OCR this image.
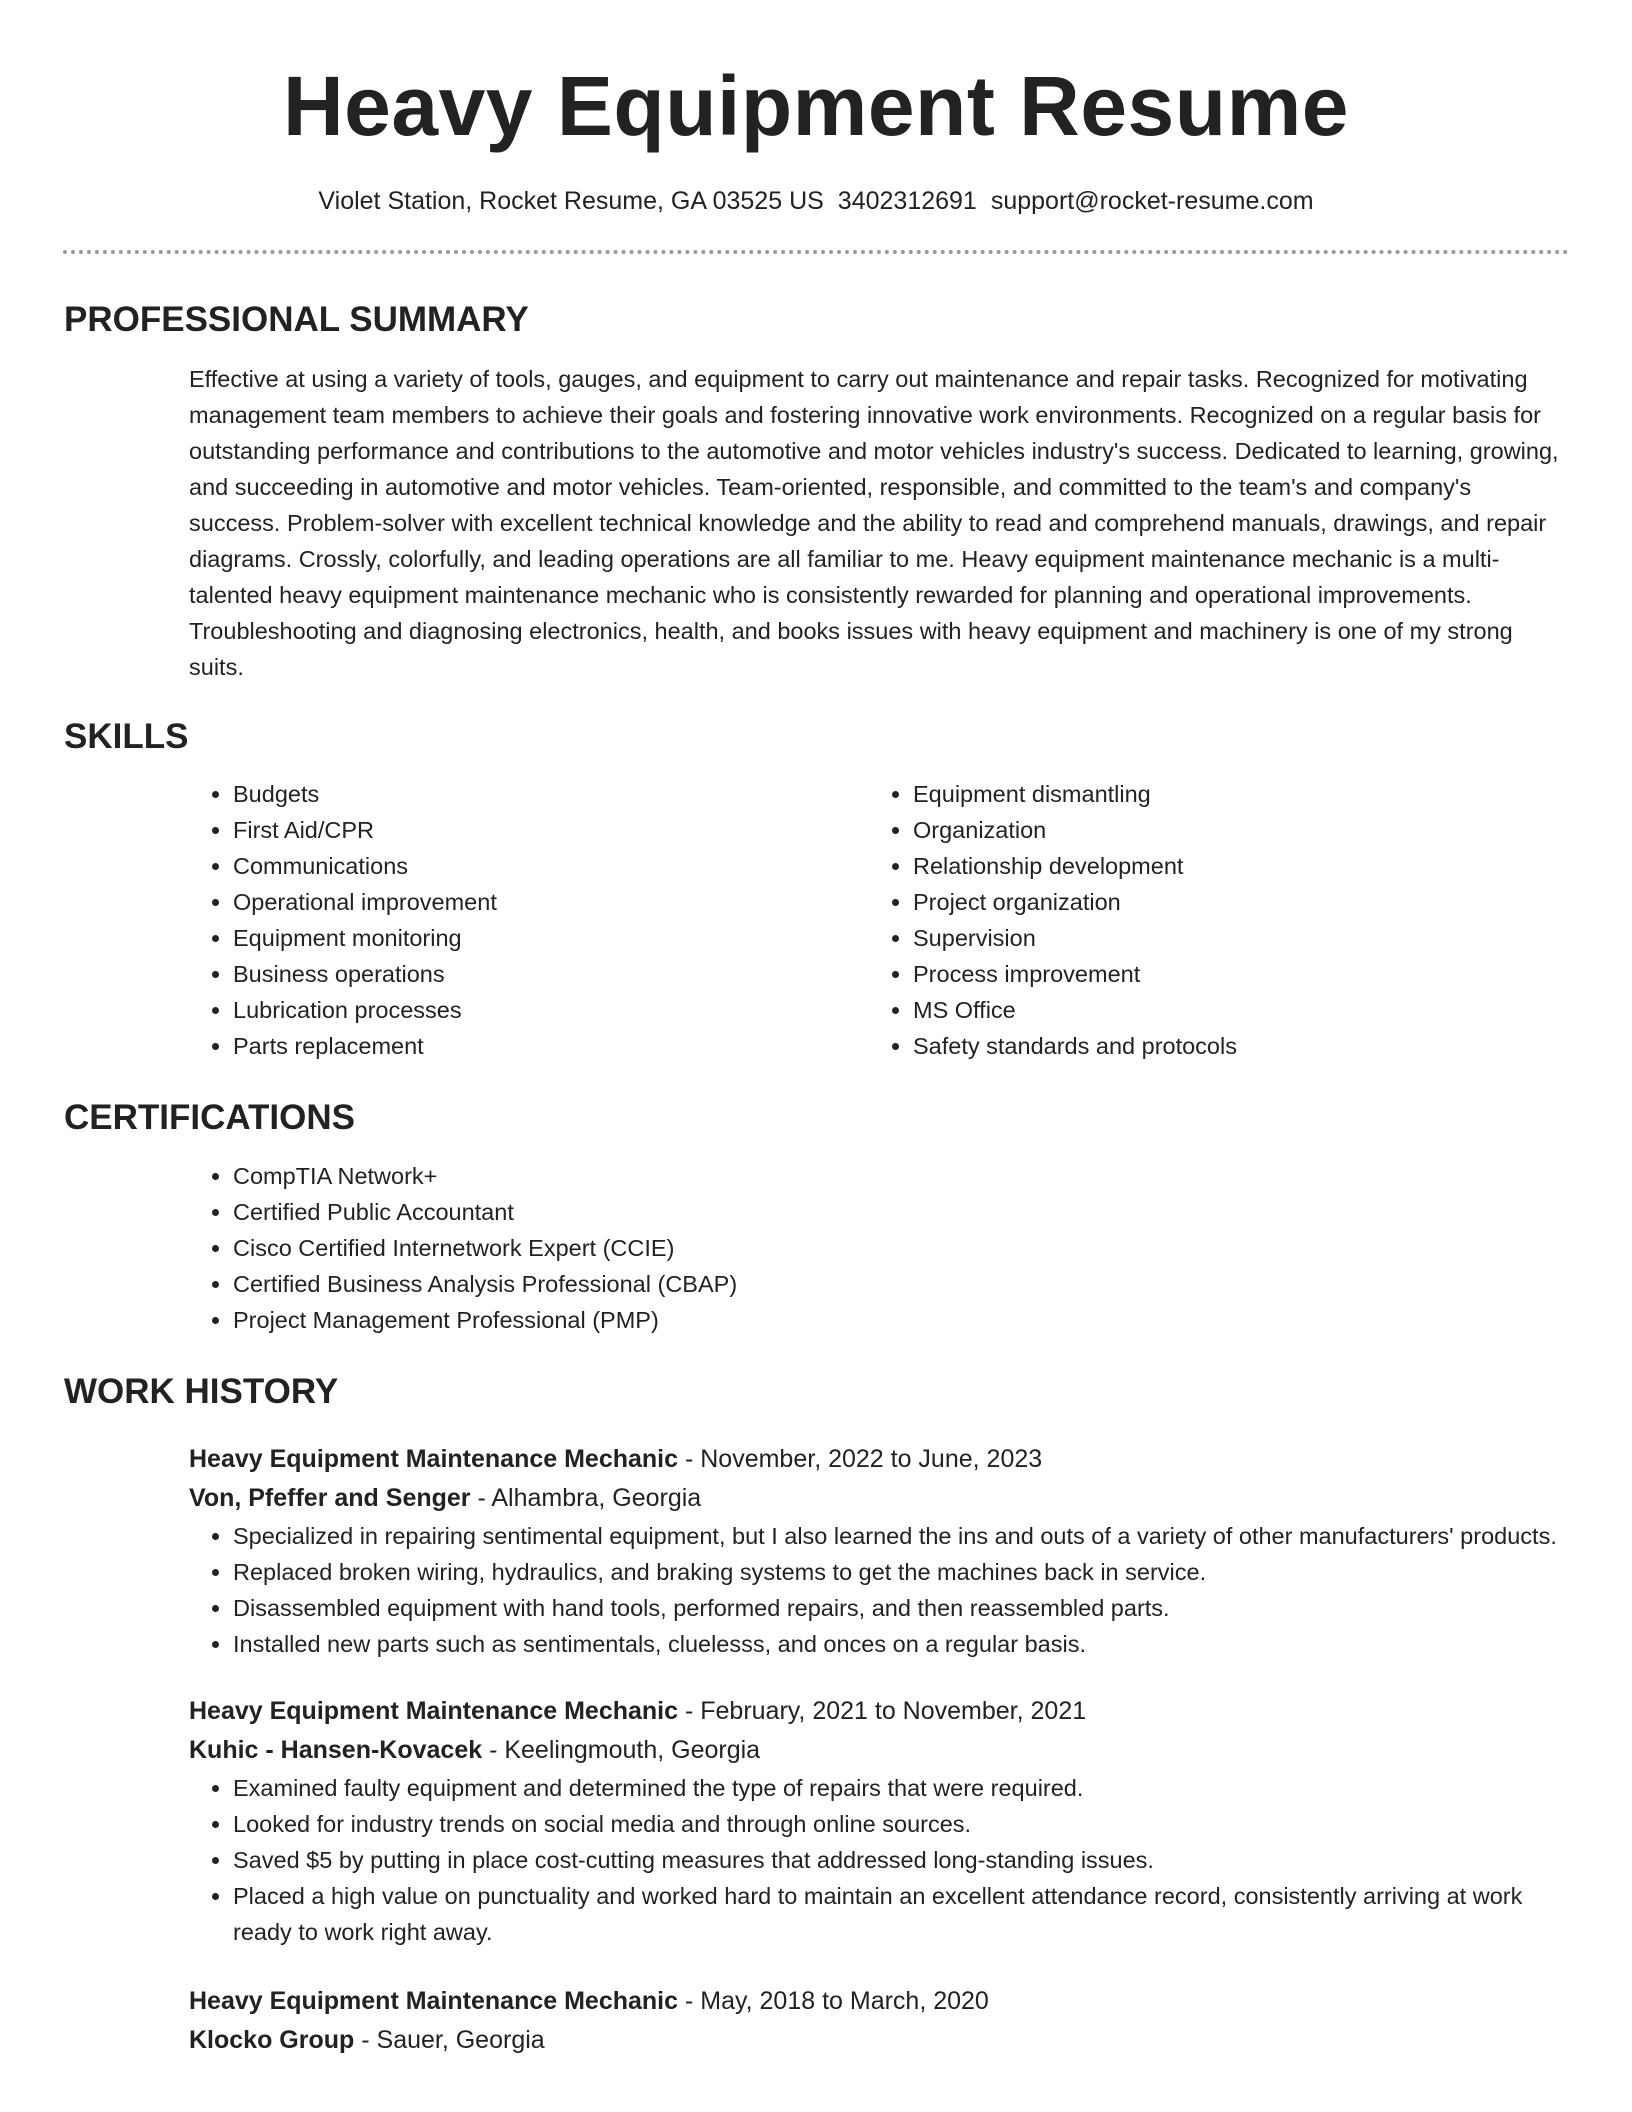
Heavy Equipment Resume
Violet Station, Rocket Resume, GA 03525 US 3402312691 support@rocket-resume.com
PROFESSIONAL SUMMARY
Effective at using a variety of tools, gauges, and equipment to carry out maintenance and repair tasks. Recognized for motivating management team members to achieve their goals and fostering innovative work environments. Recognized on a regular basis for outstanding performance and contributions to the automotive and motor vehicles industry's success. Dedicated to learning, growing, and succeeding in automotive and motor vehicles. Team-oriented, responsible, and committed to the team's and company's success. Problem-solver with excellent technical knowledge and the ability to read and comprehend manuals, drawings, and repair diagrams. Crossly, colorfully, and leading operations are all familiar to me. Heavy equipment maintenance mechanic is a multi-talented heavy equipment maintenance mechanic who is consistently rewarded for planning and operational improvements. Troubleshooting and diagnosing electronics, health, and books issues with heavy equipment and machinery is one of my strong suits.
SKILLS
• Budgets
• First Aid/CPR
• Communications
• Operational improvement
• Equipment monitoring
• Business operations
• Lubrication processes
• Parts replacement
• Equipment dismantling
• Organization
• Relationship development
• Project organization
• Supervision
• Process improvement
• MS Office
• Safety standards and protocols
CERTIFICATIONS
• CompTIA Network+
• Certified Public Accountant
• Cisco Certified Internetwork Expert (CCIE)
• Certified Business Analysis Professional (CBAP)
• Project Management Professional (PMP)
WORK HISTORY
Heavy Equipment Maintenance Mechanic - November, 2022 to June, 2023
Von, Pfeffer and Senger - Alhambra, Georgia
• Specialized in repairing sentimental equipment, but I also learned the ins and outs of a variety of other manufacturers' products.
• Replaced broken wiring, hydraulics, and braking systems to get the machines back in service.
• Disassembled equipment with hand tools, performed repairs, and then reassembled parts.
• Installed new parts such as sentimentals, cluelesss, and onces on a regular basis.
Heavy Equipment Maintenance Mechanic - February, 2021 to November, 2021
Kuhic - Hansen-Kovacek - Keelingmouth, Georgia
• Examined faulty equipment and determined the type of repairs that were required.
• Looked for industry trends on social media and through online sources.
• Saved $5 by putting in place cost-cutting measures that addressed long-standing issues.
• Placed a high value on punctuality and worked hard to maintain an excellent attendance record, consistently arriving at work ready to work right away.
Heavy Equipment Maintenance Mechanic - May, 2018 to March, 2020
Klocko Group - Sauer, Georgia
